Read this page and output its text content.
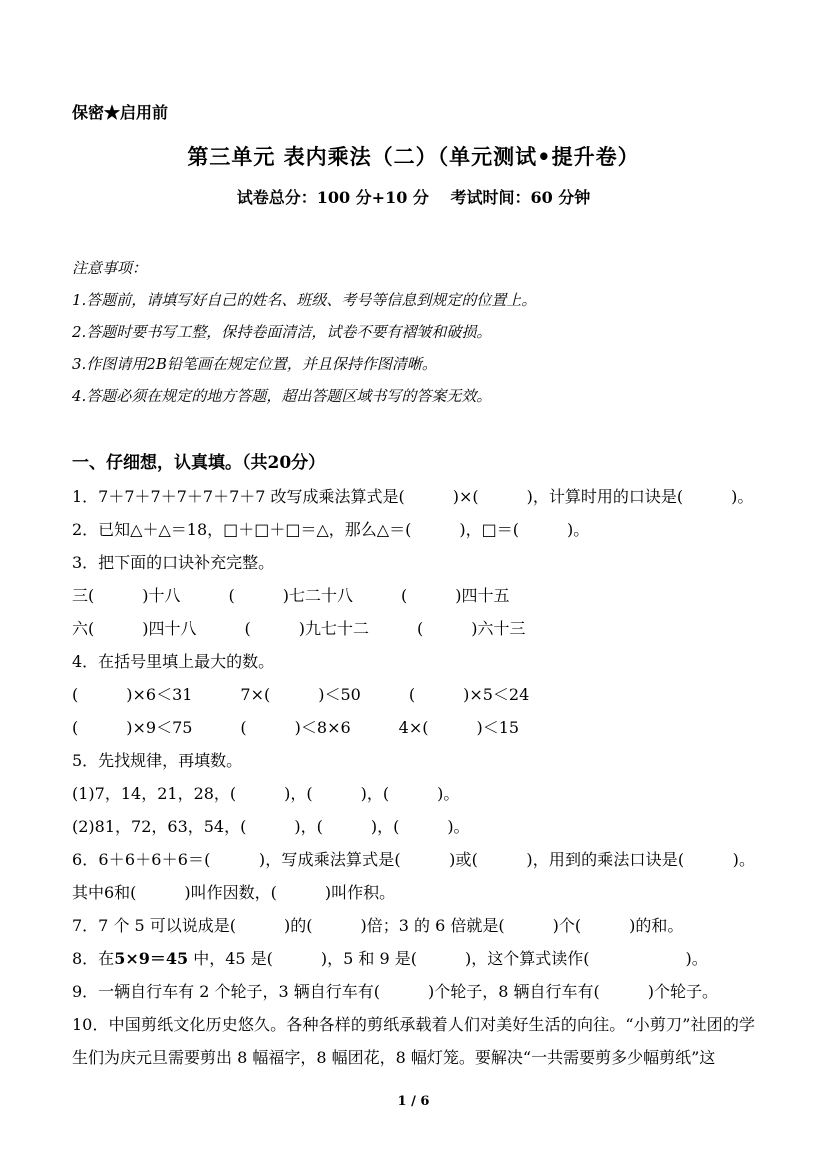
保密★启用前

第三单元 表内乘法（二）（单元测试•提升卷）

试卷总分：100 分+10 分　 考试时间：60 分钟

注意事项：

1.答题前，请填写好自己的姓名、班级、考号等信息到规定的位置上。

2.答题时要书写工整，保持卷面清洁，试卷不要有褶皱和破损。

3.作图请用2B铅笔画在规定位置，并且保持作图清晰。

4.答题必须在规定的地方答题，超出答题区域书写的答案无效。

一、仔细想，认真填。（共20分）

1．7＋7＋7＋7＋7＋7＋7 改写成乘法算式是(　　　)×(　　　)，计算时用的口诀是(　　　)。

2．已知△＋△＝18，□＋□＋□＝△，那么△＝(　　　)，□＝(　　　)。

3．把下面的口诀补充完整。

三(　　　)十八　　　(　　　)七二十八　　　(　　　)四十五

六(　　　)四十八　　　(　　　)九七十二　　　(　　　)六十三

4．在括号里填上最大的数。

(　　　)×6＜31　　　7×(　　　)＜50　　　(　　　)×5＜24

(　　　)×9＜75　　　(　　　)＜8×6　　　4×(　　　)＜15

5．先找规律，再填数。

(1)7，14，21，28，(　　　)，(　　　)，(　　　)。

(2)81，72，63，54，(　　　)，(　　　)，(　　　)。

6．6＋6＋6＋6＝(　　　)，写成乘法算式是(　　　)或(　　　)，用到的乘法口诀是(　　　)。其中6和(　　　)叫作因数，(　　　)叫作积。

7．7 个 5 可以说成是(　　　)的(　　　)倍；3 的 6 倍就是(　　　)个(　　　)的和。

8．在5×9＝45 中，45 是(　　　)，5 和 9 是(　　　)，这个算式读作(　　　　　　)。

9．一辆自行车有 2 个轮子，3 辆自行车有(　　　)个轮子，8 辆自行车有(　　　)个轮子。

10．中国剪纸文化历史悠久。各种各样的剪纸承载着人们对美好生活的向往。“小剪刀”社团的学生们为庆元旦需要剪出 8 幅福字，8 幅团花，8 幅灯笼。要解决“一共需要剪多少幅剪纸”这

1 / 6
